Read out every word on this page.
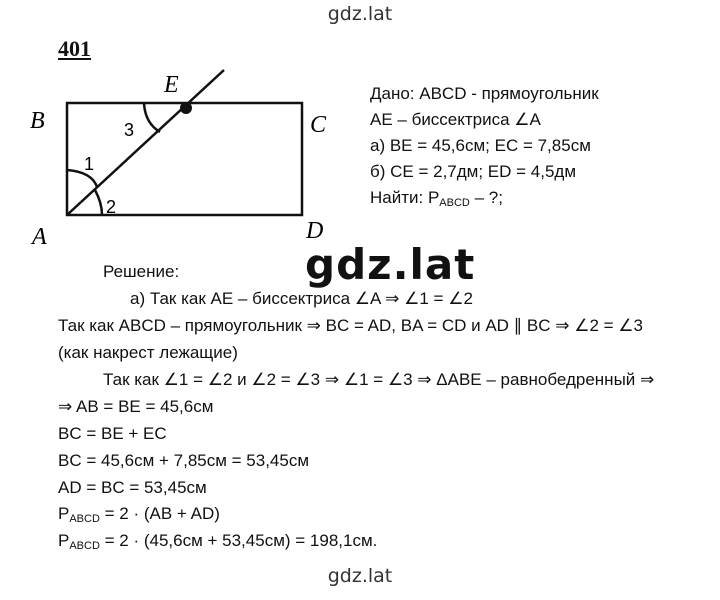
gdz.lat
401
A
B	C
D
E
1
2
3
Дано: ABCD - прямоугольник
AE – биссектриса ∠A
а) BE = 45,6см; EC = 7,85см
б) CE = 2,7дм; ED = 4,5дм
Найти: $P_{ABCD}$ – ?;
gdz.lat
Решение:
а) Так как AE – биссектриса ∠A ⇒ ∠1 = ∠2
Так как ABCD – прямоугольник ⇒ BC = AD, BA = CD и AD ∥ BC ⇒ ∠2 = ∠3
(как накрест лежащие)
Так как ∠1 = ∠2 и ∠2 = ∠3 ⇒ ∠1 = ∠3 ⇒ ΔABE – равнобедренный ⇒
⇒ AB = BE = 45,6см
BC = BE + EC
BC = 45,6см + 7,85см = 53,45см
AD = BC = 53,45см
$P_{ABCD} = 2 \cdot (AB + AD)$
$P_{ABCD} = 2 \cdot (45,6см + 53,45см) = 198,1см$.
gdz.lat
